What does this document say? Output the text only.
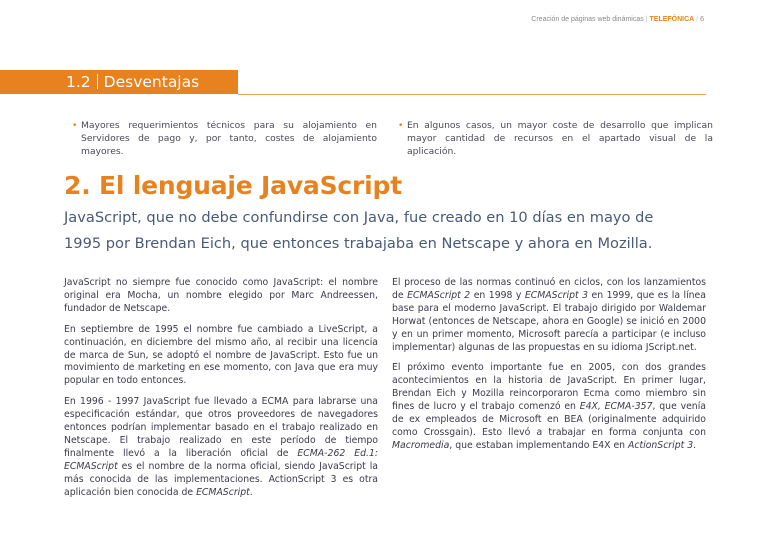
Creación de páginas web dinámicas | TELEFÓNICA / 6
1.2 Desventajas
• Mayores requerimientos técnicos para su alojamiento en Servidores de pago y, por tanto, costes de alojamiento mayores.
• En algunos casos, un mayor coste de desarrollo que implican mayor cantidad de recursos en el apartado visual de la aplicación.
2. El lenguaje JavaScript
JavaScript, que no debe confundirse con Java, fue creado en 10 días en mayo de 1995 por Brendan Eich, que entonces trabajaba en Netscape y ahora en Mozilla.

JavaScript no siempre fue conocido como JavaScript: el nombre original era Mocha, un nombre elegido por Marc Andreessen, fundador de Netscape.

En septiembre de 1995 el nombre fue cambiado a LiveScript, a continuación, en diciembre del mismo año, al recibir una licencia de marca de Sun, se adoptó el nombre de JavaScript. Esto fue un movimiento de marketing en ese momento, con Java que era muy popular en todo entonces.

En 1996 - 1997 JavaScript fue llevado a ECMA para labrarse una especificación estándar, que otros proveedores de navegadores entonces podrían implementar basado en el trabajo realizado en Netscape. El trabajo realizado en este período de tiempo finalmente llevó a la liberación oficial de ECMA-262 Ed.1: ECMAScript es el nombre de la norma oficial, siendo JavaScript la más conocida de las implementaciones. ActionScript 3 es otra aplicación bien conocida de ECMAScript.

El proceso de las normas continuó en ciclos, con los lanzamientos de ECMAScript 2 en 1998 y ECMAScript 3 en 1999, que es la línea base para el moderno JavaScript. El trabajo dirigido por Waldemar Horwat (entonces de Netscape, ahora en Google) se inició en 2000 y en un primer momento, Microsoft parecía a participar (e incluso implementar) algunas de las propuestas en su idioma JScript.net.

El próximo evento importante fue en 2005, con dos grandes acontecimientos en la historia de JavaScript. En primer lugar, Brendan Eich y Mozilla reincorporaron Ecma como miembro sin fines de lucro y el trabajo comenzó en E4X, ECMA-357, que venía de ex empleados de Microsoft en BEA (originalmente adquirido como Crossgain). Esto llevó a trabajar en forma conjunta con Macromedia, que estaban implementando E4X en ActionScript 3.
